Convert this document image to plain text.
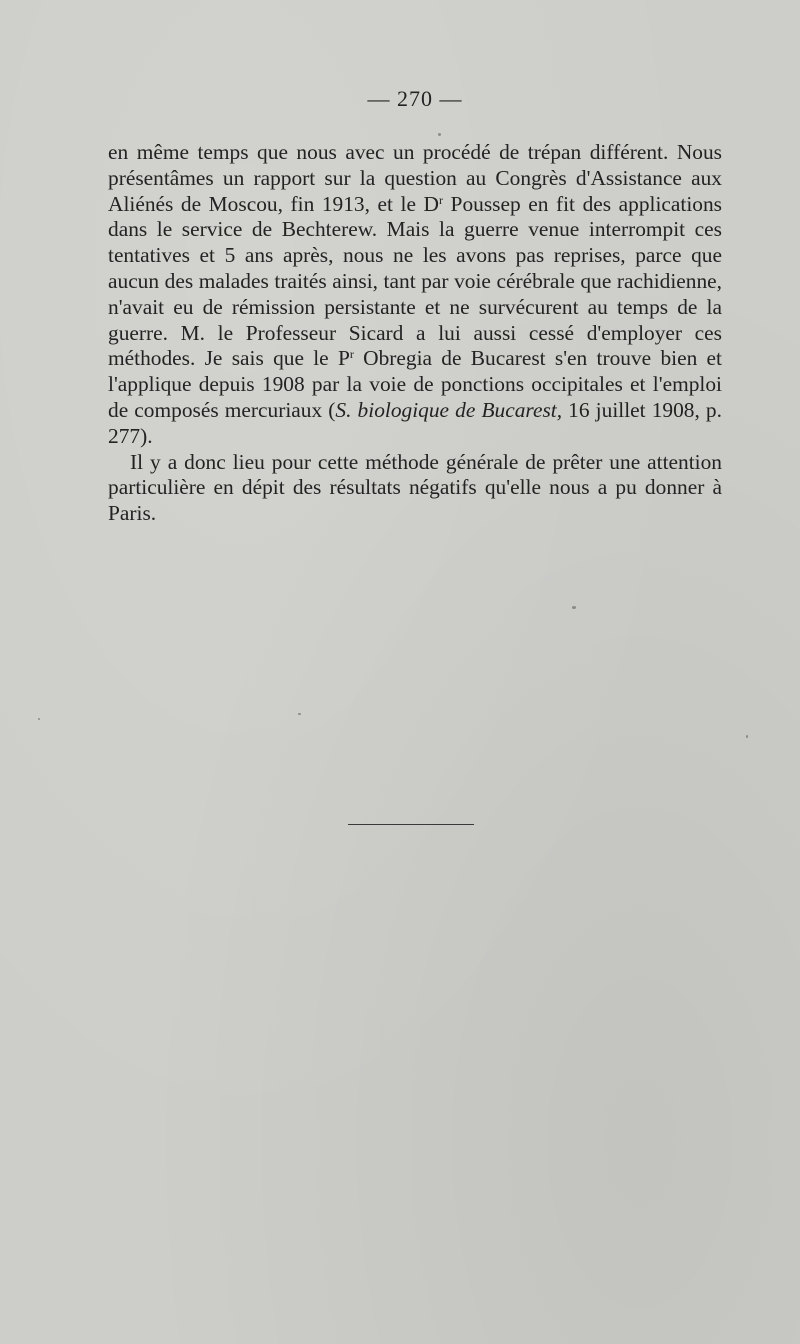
— 270 —

en même temps que nous avec un procédé de trépan différent. Nous présentâmes un rapport sur la question au Congrès d'Assistance aux Aliénés de Moscou, fin 1913, et le $D^r$ Poussep en fit des applications dans le service de Bechterew. Mais la guerre venue interrompit ces tentatives et 5 ans après, nous ne les avons pas reprises, parce que aucun des malades traités ainsi, tant par voie cérébrale que rachidienne, n'avait eu de rémission persistante et ne survécurent au temps de la guerre. M. le Professeur Sicard a lui aussi cessé d'employer ces méthodes. Je sais que le $P^r$ Obregia de Bucarest s'en trouve bien et l'applique depuis 1908 par la voie de ponctions occipitales et l'emploi de composés mercuriaux (S. biologique de Bucarest, 16 juillet 1908, p. 277).

Il y a donc lieu pour cette méthode générale de prêter une attention particulière en dépit des résultats négatifs qu'elle nous a pu donner à Paris.
